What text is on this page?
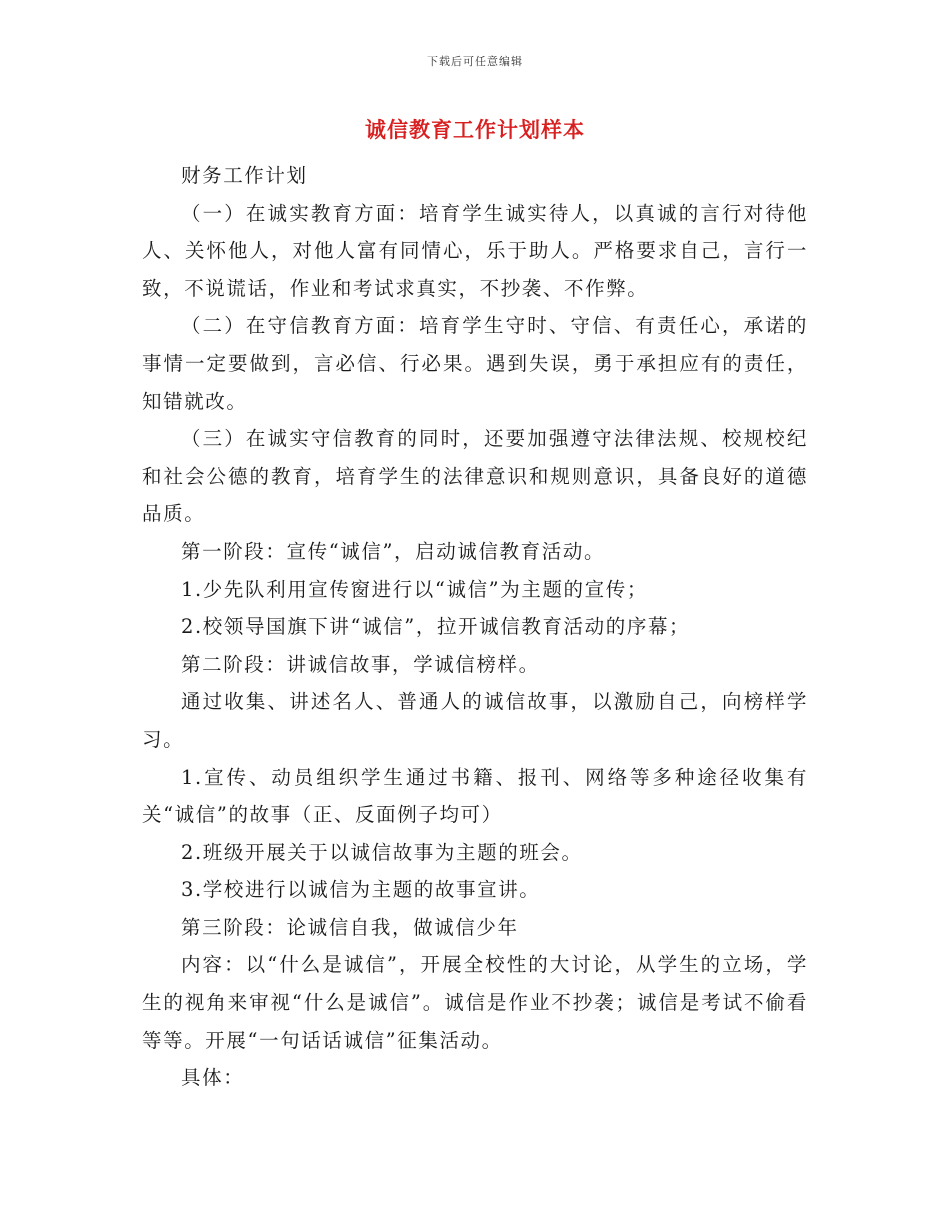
下载后可任意编辑
诚信教育工作计划样本

财务工作计划

（一）在诚实教育方面：培育学生诚实待人，以真诚的言行对待他人、关怀他人，对他人富有同情心，乐于助人。严格要求自己，言行一致，不说谎话，作业和考试求真实，不抄袭、不作弊。

（二）在守信教育方面：培育学生守时、守信、有责任心，承诺的事情一定要做到，言必信、行必果。遇到失误，勇于承担应有的责任，知错就改。

（三）在诚实守信教育的同时，还要加强遵守法律法规、校规校纪和社会公德的教育，培育学生的法律意识和规则意识，具备良好的道德品质。

第一阶段：宣传“诚信”，启动诚信教育活动。

1.少先队利用宣传窗进行以“诚信”为主题的宣传；

2.校领导国旗下讲“诚信”，拉开诚信教育活动的序幕；

第二阶段：讲诚信故事，学诚信榜样。

通过收集、讲述名人、普通人的诚信故事，以激励自己，向榜样学习。

1.宣传、动员组织学生通过书籍、报刊、网络等多种途径收集有关“诚信”的故事（正、反面例子均可）

2.班级开展关于以诚信故事为主题的班会。

3.学校进行以诚信为主题的故事宣讲。

第三阶段：论诚信自我，做诚信少年

内容：以“什么是诚信”，开展全校性的大讨论，从学生的立场，学生的视角来审视“什么是诚信”。诚信是作业不抄袭；诚信是考试不偷看等等。开展“一句话话诚信”征集活动。

具体：
